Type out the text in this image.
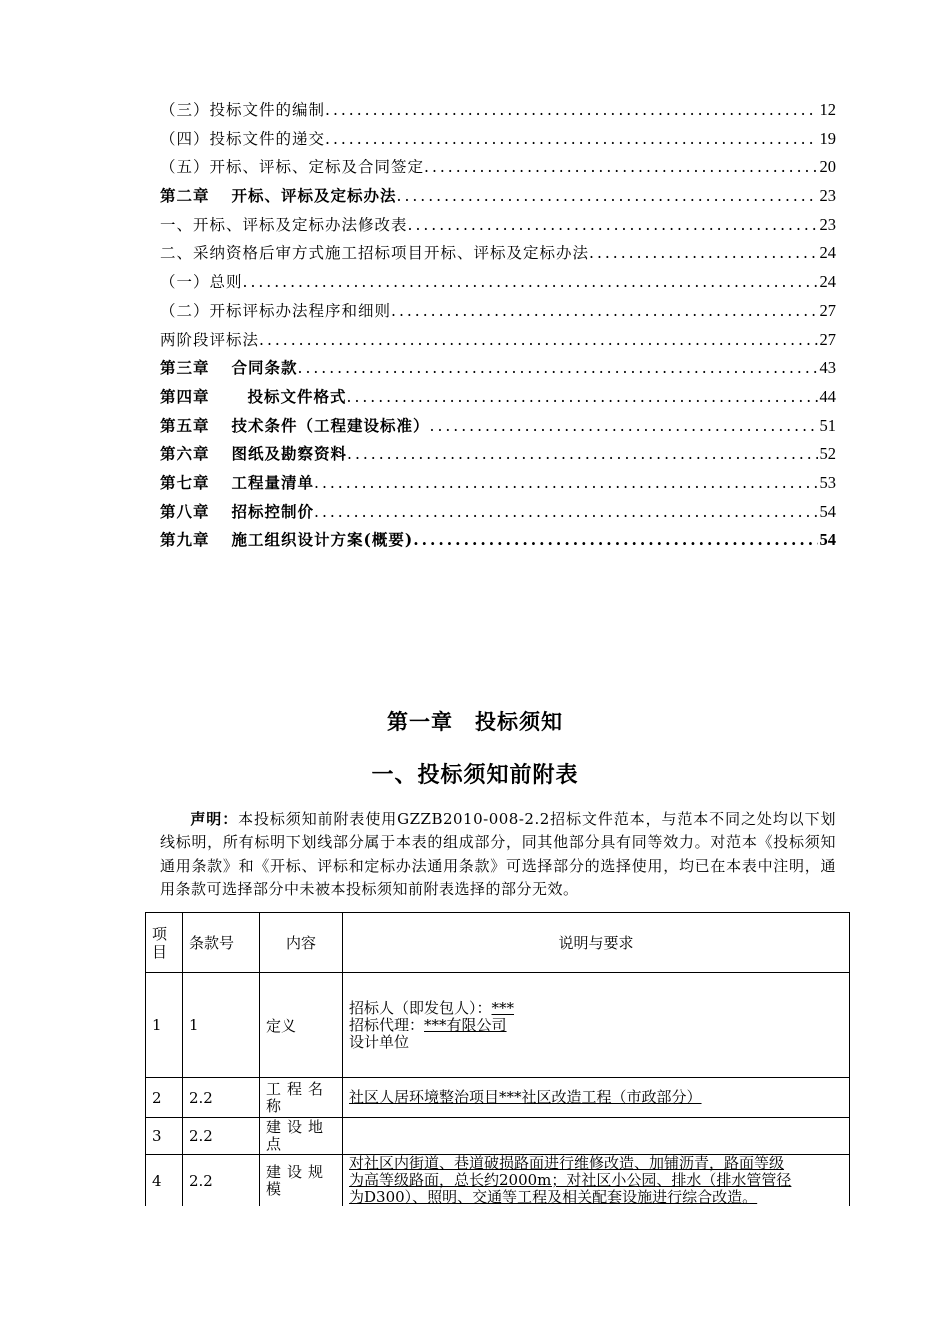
（三）投标文件的编制 .....	12
（四）投标文件的递交 .....	19
（五）开标、评标、定标及合同签定 .....	20
第二章 开标、评标及定标办法 .....	23
一、开标、评标及定标办法修改表 .....	23
二、采纳资格后审方式施工招标项目开标、评标及定标办法 .....	24
（一）总则 .....	24
（二）开标评标办法程序和细则 .....	27
两阶段评标法 .....	27
第三章 合同条款 .....	43
第四章 投标文件格式 .....	44
第五章 技术条件（工程建设标准） .....	51
第六章 图纸及勘察资料 .....	52
第七章 工程量清单 .....	53
第八章 招标控制价 .....	54
第九章 施工组织设计方案(概要) .....	54
第一章　投标须知
一、投标须知前附表
声明：本投标须知前附表使用GZZB2010-008-2.2招标文件范本，与范本不同之处均以下划线标明，所有标明下划线部分属于本表的组成部分，同其他部分具有同等效力。对范本《投标须知通用条款》和《开标、评标和定标办法通用条款》可选择部分的选择使用，均已在本表中注明，通用条款可选择部分中未被本投标须知前附表选择的部分无效。
项目	条款号	内容	说明与要求
1	1	定义	招标人（即发包人）：***
招标代理：***有限公司
设计单位

2	2.2	工程名称	社区人居环境整治项目***社区改造工程（市政部分）

3	2.2	建设地点	
4	2.2	建设规模	对社区内街道、巷道破损路面进行维修改造、加铺沥青，路面等级
为高等级路面，总长约2000m；对社区小公园、排水（排水管管径
为D300）、照明、交通等工程及相关配套设施进行综合改造。
